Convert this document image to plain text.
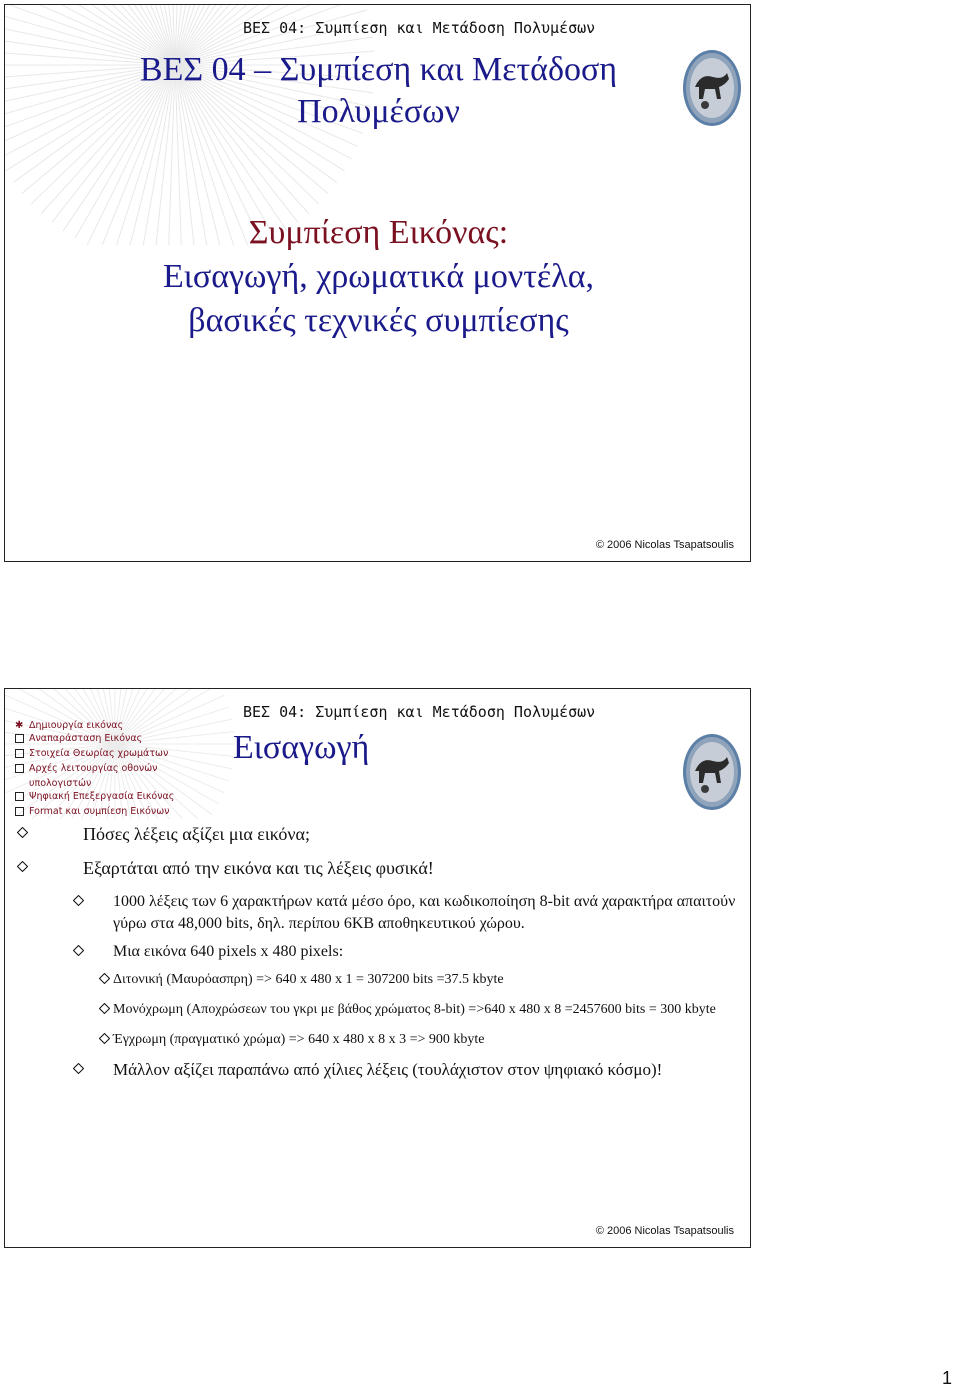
ΒΕΣ 04: Συμπίεση και Μετάδοση Πολυμέσων
ΒΕΣ 04 – Συμπίεση και Μετάδοση
Πολυμέσων
Συμπίεση Εικόνας:
Εισαγωγή, χρωματικά μοντέλα,
βασικές τεχνικές συμπίεσης
© 2006 Nicolas Tsapatsoulis
ΒΕΣ 04: Συμπίεση και Μετάδοση Πολυμέσων
✱ Δημιουργία εικόνας
Αναπαράσταση Εικόνας
Στοιχεία Θεωρίας χρωμάτων
Αρχές λειτουργίας οθονών
υπολογιστών
Ψηφιακή Επεξεργασία Εικόνας
Format και συμπίεση Εικόνων
Εισαγωγή
Πόσες λέξεις αξίζει μια εικόνα;
Εξαρτάται από την εικόνα και τις λέξεις φυσικά!
1000 λέξεις των 6 χαρακτήρων κατά μέσο όρο, και κωδικοποίηση 8-bit ανά χαρακτήρα απαιτούν γύρω στα 48,000 bits, δηλ. περίπου 6KB αποθηκευτικού χώρου.
Μια εικόνα 640 pixels x 480 pixels:
Διτονική (Μαυρόασπρη) => 640 x 480 x 1 = 307200 bits =37.5 kbyte
Μονόχρωμη (Αποχρώσεων του γκρι με βάθος χρώματος 8-bit) =>640 x 480 x 8 =2457600 bits = 300 kbyte
Έγχρωμη (πραγματικό χρώμα) => 640 x 480 x 8 x 3 => 900 kbyte
Μάλλον αξίζει παραπάνω από χίλιες λέξεις (τουλάχιστον στον ψηφιακό κόσμο)!
© 2006 Nicolas Tsapatsoulis
1
